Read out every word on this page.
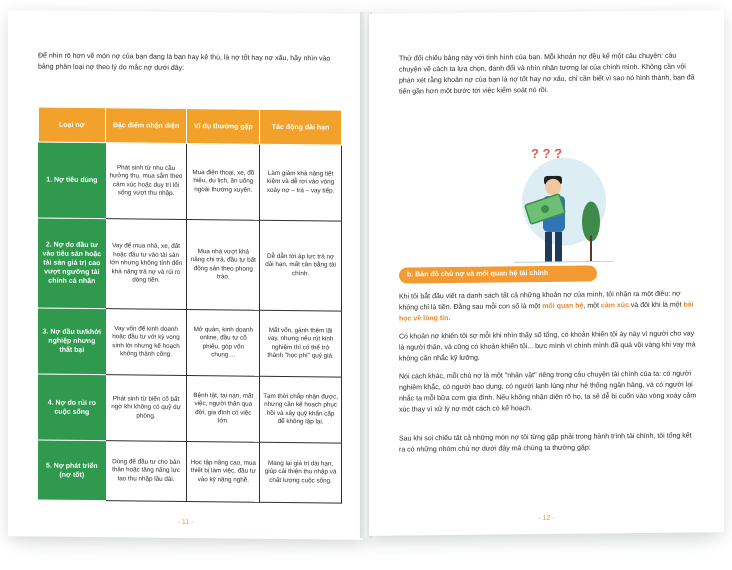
Để nhìn rõ hơn về món nợ của bạn đang là bạn hay kẻ thù, là nợ tốt hay nợ xấu, hãy nhìn vào bảng phân loại nợ theo lý do mắc nợ dưới đây:
Loại nợ	Đặc điểm nhận diện	Ví dụ thường gặp	Tác động dài hạn
1. Nợ tiêu dùng	Phát sinh từ nhu cầu hưởng thụ, mua sắm theo cảm xúc hoặc duy trì lối sống vượt thu nhập.	Mua điện thoại, xe, đồ hiệu, du lịch, ăn uống ngoài thường xuyên.	Làm giảm khả năng tiết kiệm và dễ rơi vào vòng xoáy nợ – trả – vay tiếp.
2. Nợ do đầu tư vào tiêu sản hoặc tài sản giá trị cao vượt ngưỡng tài chính cá nhân	Vay để mua nhà, xe, đất hoặc đầu tư vào tài sản lớn nhưng không tính đến khả năng trả nợ và rủi ro dòng tiền.	Mua nhà vượt khả năng chi trả, đầu tư bất động sản theo phong trào.	Dễ dẫn tới áp lực trả nợ dài hạn, mất cân bằng tài chính.
3. Nợ đầu tư/khởi nghiệp nhưng thất bại	Vay vốn để kinh doanh hoặc đầu tư với kỳ vọng sinh lời nhưng kế hoạch không thành công.	Mở quán, kinh doanh online, đầu tư cổ phiếu, góp vốn chung....	Mất vốn, gánh thêm lãi vay, nhưng nếu rút kinh nghiệm thì có thể trở thành "học phí" quý giá.
4. Nợ do rủi ro cuộc sống	Phát sinh từ biến cố bất ngờ khi không có quỹ dự phòng.	Bệnh tật, tai nạn, mất việc, người thân qua đời, gia đình có việc lớn.	Tạm thời chấp nhận được, nhưng cần kế hoạch phục hồi và xây quỹ khẩn cấp để không lặp lại.
5. Nợ phát triển (nợ tốt)	Dùng để đầu tư cho bản thân hoặc tăng năng lực tạo thu nhập lâu dài.	Học tập nâng cao, mua thiết bị làm việc, đầu tư vào kỹ năng nghề.	Mang lại giá trị dài hạn, giúp cải thiện thu nhập và chất lượng cuộc sống.
- 11 -
Thử đối chiếu bảng này với tình hình của bạn. Mỗi khoản nợ đều kể một câu chuyện: câu chuyện về cách ta lựa chọn, đánh đổi và nhìn nhận tương lai của chính mình. Không cần vội phán xét rằng khoản nợ của bạn là nợ tốt hay nợ xấu, chỉ cần biết vì sao nó hình thành, bạn đã tiến gần hơn một bước tới việc kiểm soát nó rồi.
? ? ?
b. Bản đồ chủ nợ và mối quan hệ tài chính
Khi tôi bắt đầu viết ra danh sách tất cả những khoản nợ của mình, tôi nhận ra một điều: nợ không chỉ là tiền. Đằng sau mỗi con số là một mối quan hệ, một cảm xúc và đôi khi là một bài học về lòng tin.
Có khoản nợ khiến tôi sợ mỗi khi nhìn thấy số tổng, có khoản khiến tôi áy náy vì người cho vay là người thân, và cũng có khoản khiến tôi... bực mình vì chính mình đã quá vội vàng khi vay mà không cân nhắc kỹ lưỡng.
Nói cách khác, mỗi chủ nợ là một "nhân vật" riêng trong câu chuyện tài chính của ta: có người nghiêm khắc, có người bao dung, có người lạnh lùng như hệ thống ngân hàng, và có người lại nhắc ta mỗi bữa cơm gia đình. Nếu không nhận diện rõ họ, ta sẽ dễ bị cuốn vào vòng xoáy cảm xúc thay vì xử lý nợ một cách có kế hoạch.
Sau khi soi chiếu tất cả những món nợ tôi từng gặp phải trong hành trình tài chính, tôi tổng kết ra có những nhóm chủ nợ dưới đây mà chúng ta thường gặp:
- 12 -
